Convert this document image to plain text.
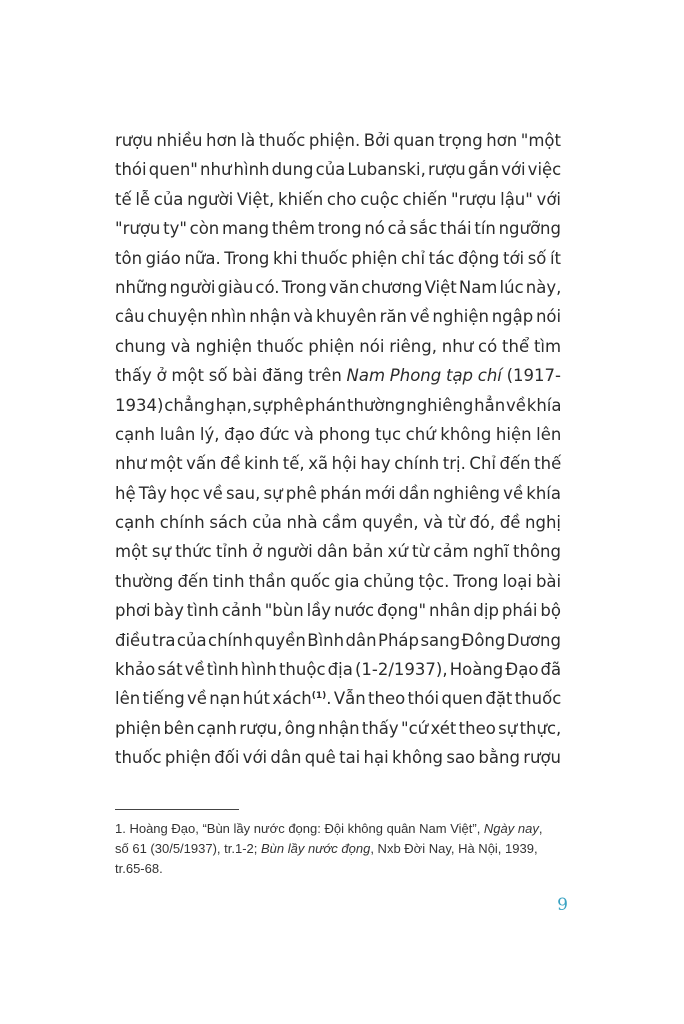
rượu nhiều hơn là thuốc phiện. Bởi quan trọng hơn "một
thói quen" như hình dung của Lubanski, rượu gắn với việc
tế lễ của người Việt, khiến cho cuộc chiến "rượu lậu" với
"rượu ty" còn mang thêm trong nó cả sắc thái tín ngưỡng
tôn giáo nữa. Trong khi thuốc phiện chỉ tác động tới số ít
những người giàu có. Trong văn chương Việt Nam lúc này,
câu chuyện nhìn nhận và khuyên răn về nghiện ngập nói
chung và nghiện thuốc phiện nói riêng, như có thể tìm
thấy ở một số bài đăng trên Nam Phong tạp chí (1917-
1934) chẳng hạn, sự phê phán thường nghiêng hẳn về khía
cạnh luân lý, đạo đức và phong tục chứ không hiện lên
như một vấn đề kinh tế, xã hội hay chính trị. Chỉ đến thế
hệ Tây học về sau, sự phê phán mới dần nghiêng về khía
cạnh chính sách của nhà cầm quyền, và từ đó, đề nghị
một sự thức tỉnh ở người dân bản xứ từ cảm nghĩ thông
thường đến tinh thần quốc gia chủng tộc. Trong loại bài
phơi bày tình cảnh "bùn lầy nước đọng" nhân dịp phái bộ
điều tra của chính quyền Bình dân Pháp sang Đông Dương
khảo sát về tình hình thuộc địa (1-2/1937), Hoàng Đạo đã
lên tiếng về nạn hút xách$^{(1)}$. Vẫn theo thói quen đặt thuốc
phiện bên cạnh rượu, ông nhận thấy "cứ xét theo sự thực,
thuốc phiện đối với dân quê tai hại không sao bằng rượu
1. Hoàng Đạo, “Bùn lầy nước đọng: Đội không quân Nam Việt”, Ngày nay,
số 61 (30/5/1937), tr.1-2; Bùn lầy nước đọng, Nxb Đời Nay, Hà Nội, 1939,
tr.65-68.
9
